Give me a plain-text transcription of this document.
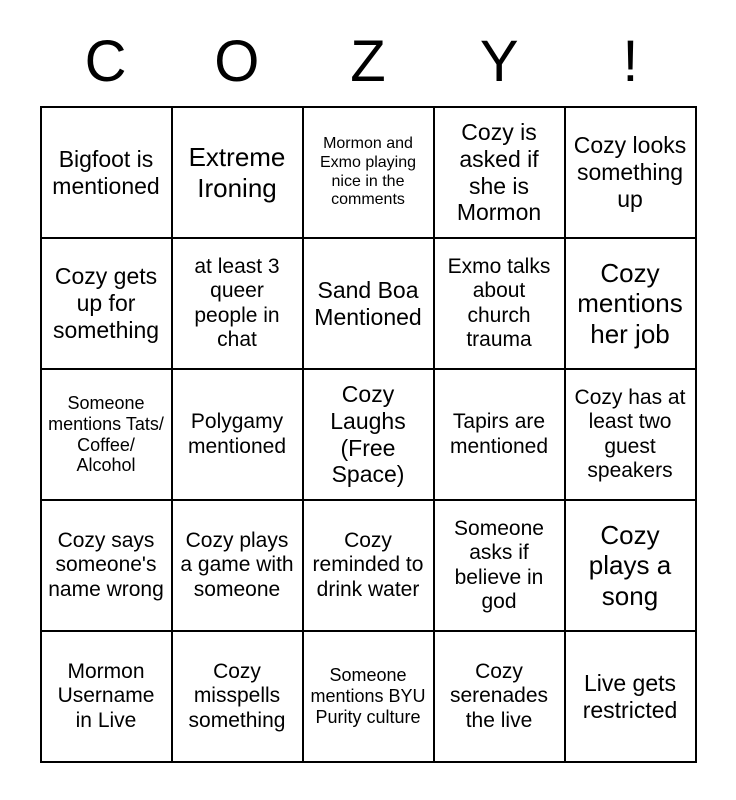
C	O	Z	Y	!
Bigfoot is mentioned	Extreme Ironing	Mormon and Exmo playing nice in the comments	Cozy is asked if she is Mormon	Cozy looks something up
Cozy gets up for something	at least 3 queer people in chat	Sand Boa Mentioned	Exmo talks about church trauma	Cozy mentions her job
Someone mentions Tats/ Coffee/ Alcohol	Polygamy mentioned	Cozy Laughs (Free Space)	Tapirs are mentioned	Cozy has at least two guest speakers
Cozy says someone's name wrong	Cozy plays a game with someone	Cozy reminded to drink water	Someone asks if believe in god	Cozy plays a song
Mormon Username in Live	Cozy misspells something	Someone mentions BYU Purity culture	Cozy serenades the live	Live gets restricted
